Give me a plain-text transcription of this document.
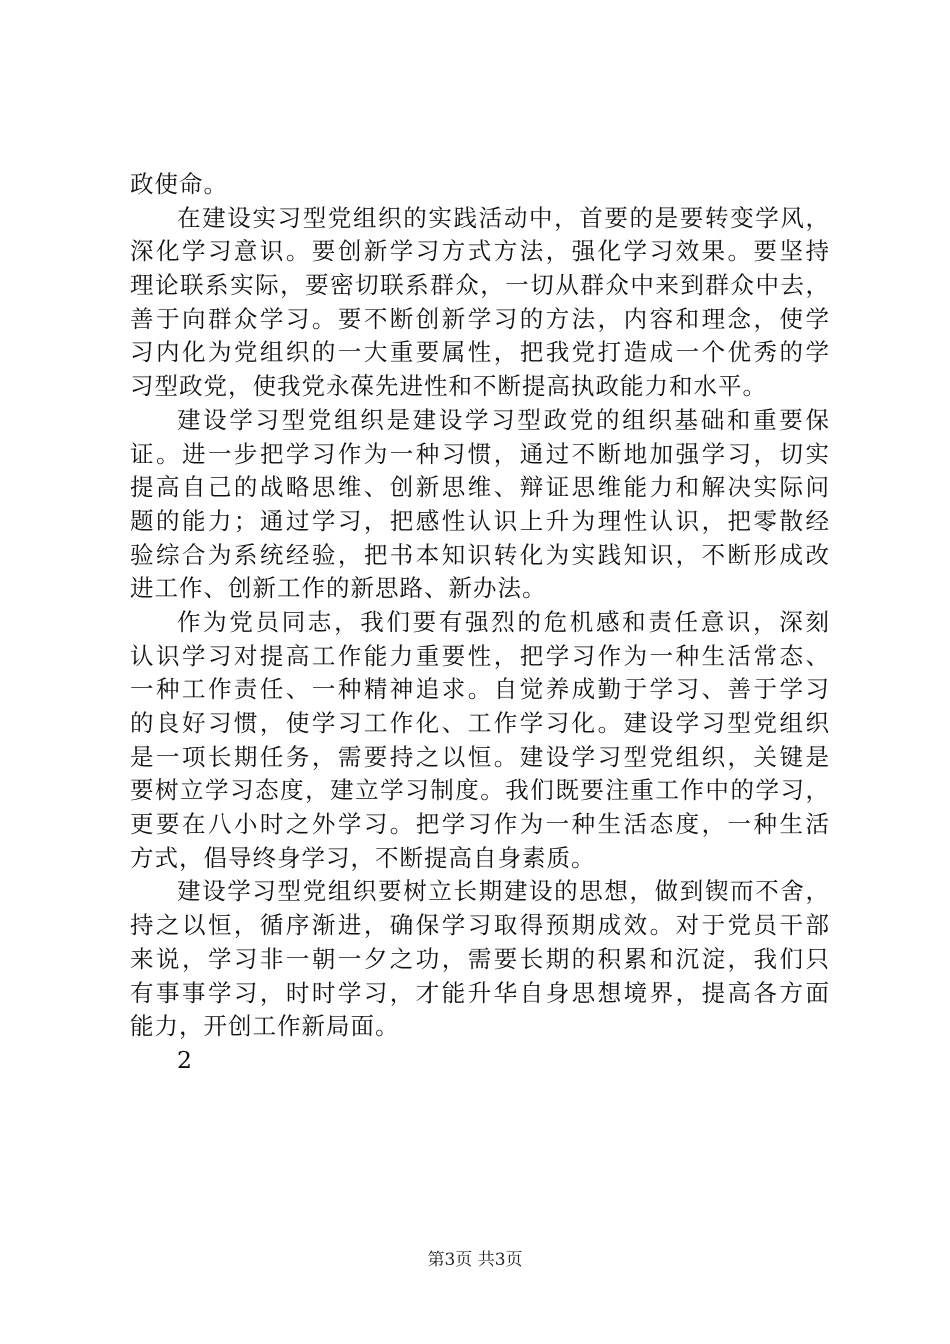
政使命。
在建设实习型党组织的实践活动中，首要的是要转变学风，
深化学习意识。要创新学习方式方法，强化学习效果。要坚持
理论联系实际，要密切联系群众，一切从群众中来到群众中去，
善于向群众学习。要不断创新学习的方法，内容和理念，使学
习内化为党组织的一大重要属性，把我党打造成一个优秀的学
习型政党，使我党永葆先进性和不断提高执政能力和水平。
建设学习型党组织是建设学习型政党的组织基础和重要保
证。进一步把学习作为一种习惯，通过不断地加强学习，切实
提高自己的战略思维、创新思维、辩证思维能力和解决实际问
题的能力；通过学习，把感性认识上升为理性认识，把零散经
验综合为系统经验，把书本知识转化为实践知识，不断形成改
进工作、创新工作的新思路、新办法。
作为党员同志，我们要有强烈的危机感和责任意识，深刻
认识学习对提高工作能力重要性，把学习作为一种生活常态、
一种工作责任、一种精神追求。自觉养成勤于学习、善于学习
的良好习惯，使学习工作化、工作学习化。建设学习型党组织
是一项长期任务，需要持之以恒。建设学习型党组织，关键是
要树立学习态度，建立学习制度。我们既要注重工作中的学习，
更要在八小时之外学习。把学习作为一种生活态度，一种生活
方式，倡导终身学习，不断提高自身素质。
建设学习型党组织要树立长期建设的思想，做到锲而不舍，
持之以恒，循序渐进，确保学习取得预期成效。对于党员干部
来说，学习非一朝一夕之功，需要长期的积累和沉淀，我们只
有事事学习，时时学习，才能升华自身思想境界，提高各方面
能力，开创工作新局面。
2
第3页 共3页
